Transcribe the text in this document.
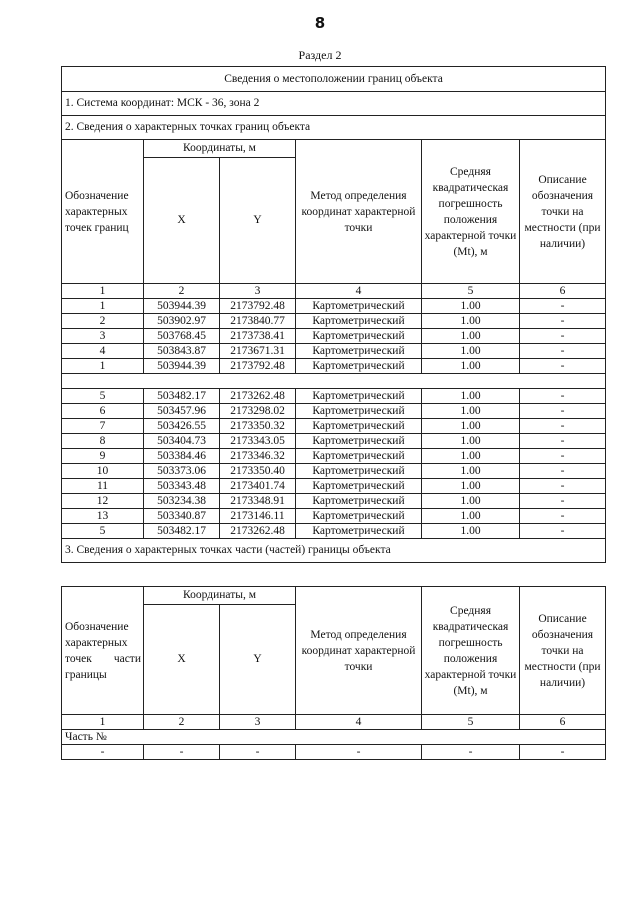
8
Раздел 2
Сведения о местоположении границ объекта					
1. Система координат: МСК - 36, зона 2					
2. Сведения о характерных точках границ объекта					
Обозначение характерных точек границ	Координаты, м		Метод определения координат характерной точки	Средняя квадратическая погрешность положения характерной точки (Mt), м	Описание обозначения точки на местности (при наличии)
	X	Y			
1	2	3	4	5	6
1	503944.39	2173792.48	Картометрический	1.00	-
2	503902.97	2173840.77	Картометрический	1.00	-
3	503768.45	2173738.41	Картометрический	1.00	-
4	503843.87	2173671.31	Картометрический	1.00	-
1	503944.39	2173792.48	Картометрический	1.00	-

5	503482.17	2173262.48	Картометрический	1.00	-
6	503457.96	2173298.02	Картометрический	1.00	-
7	503426.55	2173350.32	Картометрический	1.00	-
8	503404.73	2173343.05	Картометрический	1.00	-
9	503384.46	2173346.32	Картометрический	1.00	-
10	503373.06	2173350.40	Картометрический	1.00	-
11	503343.48	2173401.74	Картометрический	1.00	-
12	503234.38	2173348.91	Картометрический	1.00	-
13	503340.87	2173146.11	Картометрический	1.00	-
5	503482.17	2173262.48	Картометрический	1.00	-
3. Сведения о характерных точках части (частей) границы объекта					
Обозначение характерных точек части границы	Координаты, м		Метод определения координат характерной точки	Средняя квадратическая погрешность положения характерной точки (Mt), м	Описание обозначения точки на местности (при наличии)
	X	Y			
1	2	3	4	5	6
Часть №					
-	-	-	-	-	-
